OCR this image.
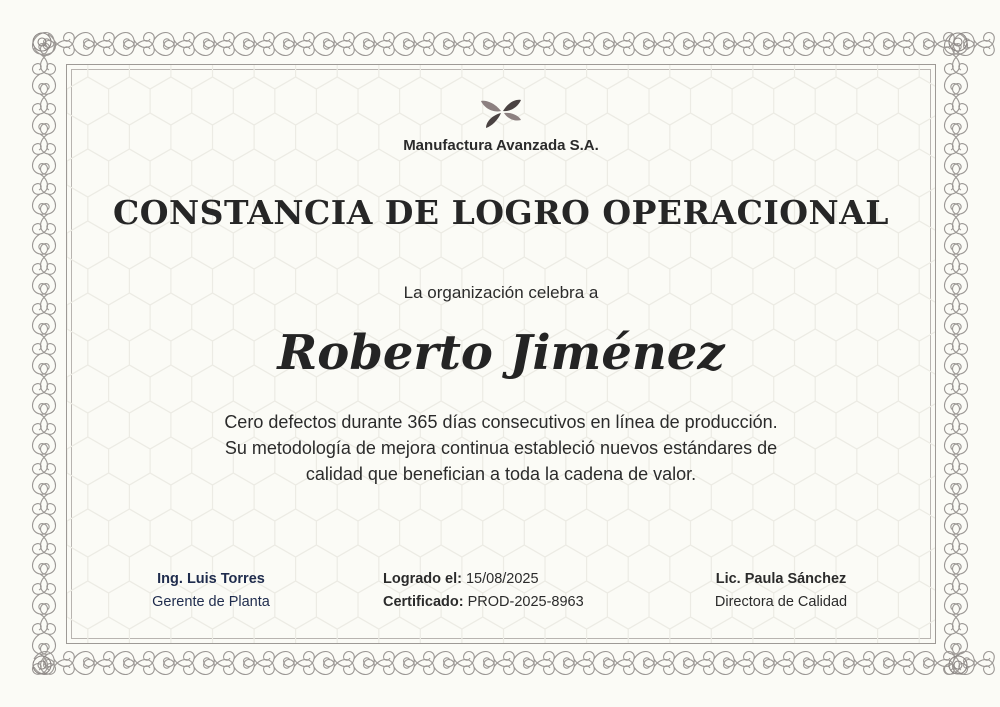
Manufactura Avanzada S.A.
CONSTANCIA DE LOGRO OPERACIONAL
La organización celebra a
Roberto Jiménez
Cero defectos durante 365 días consecutivos en línea de producción.
Su metodología de mejora continua estableció nuevos estándares de
calidad que benefician a toda la cadena de valor.
Ing. Luis Torres
Gerente de Planta
Logrado el: 15/08/2025
Certificado: PROD-2025-8963
Lic. Paula Sánchez
Directora de Calidad
